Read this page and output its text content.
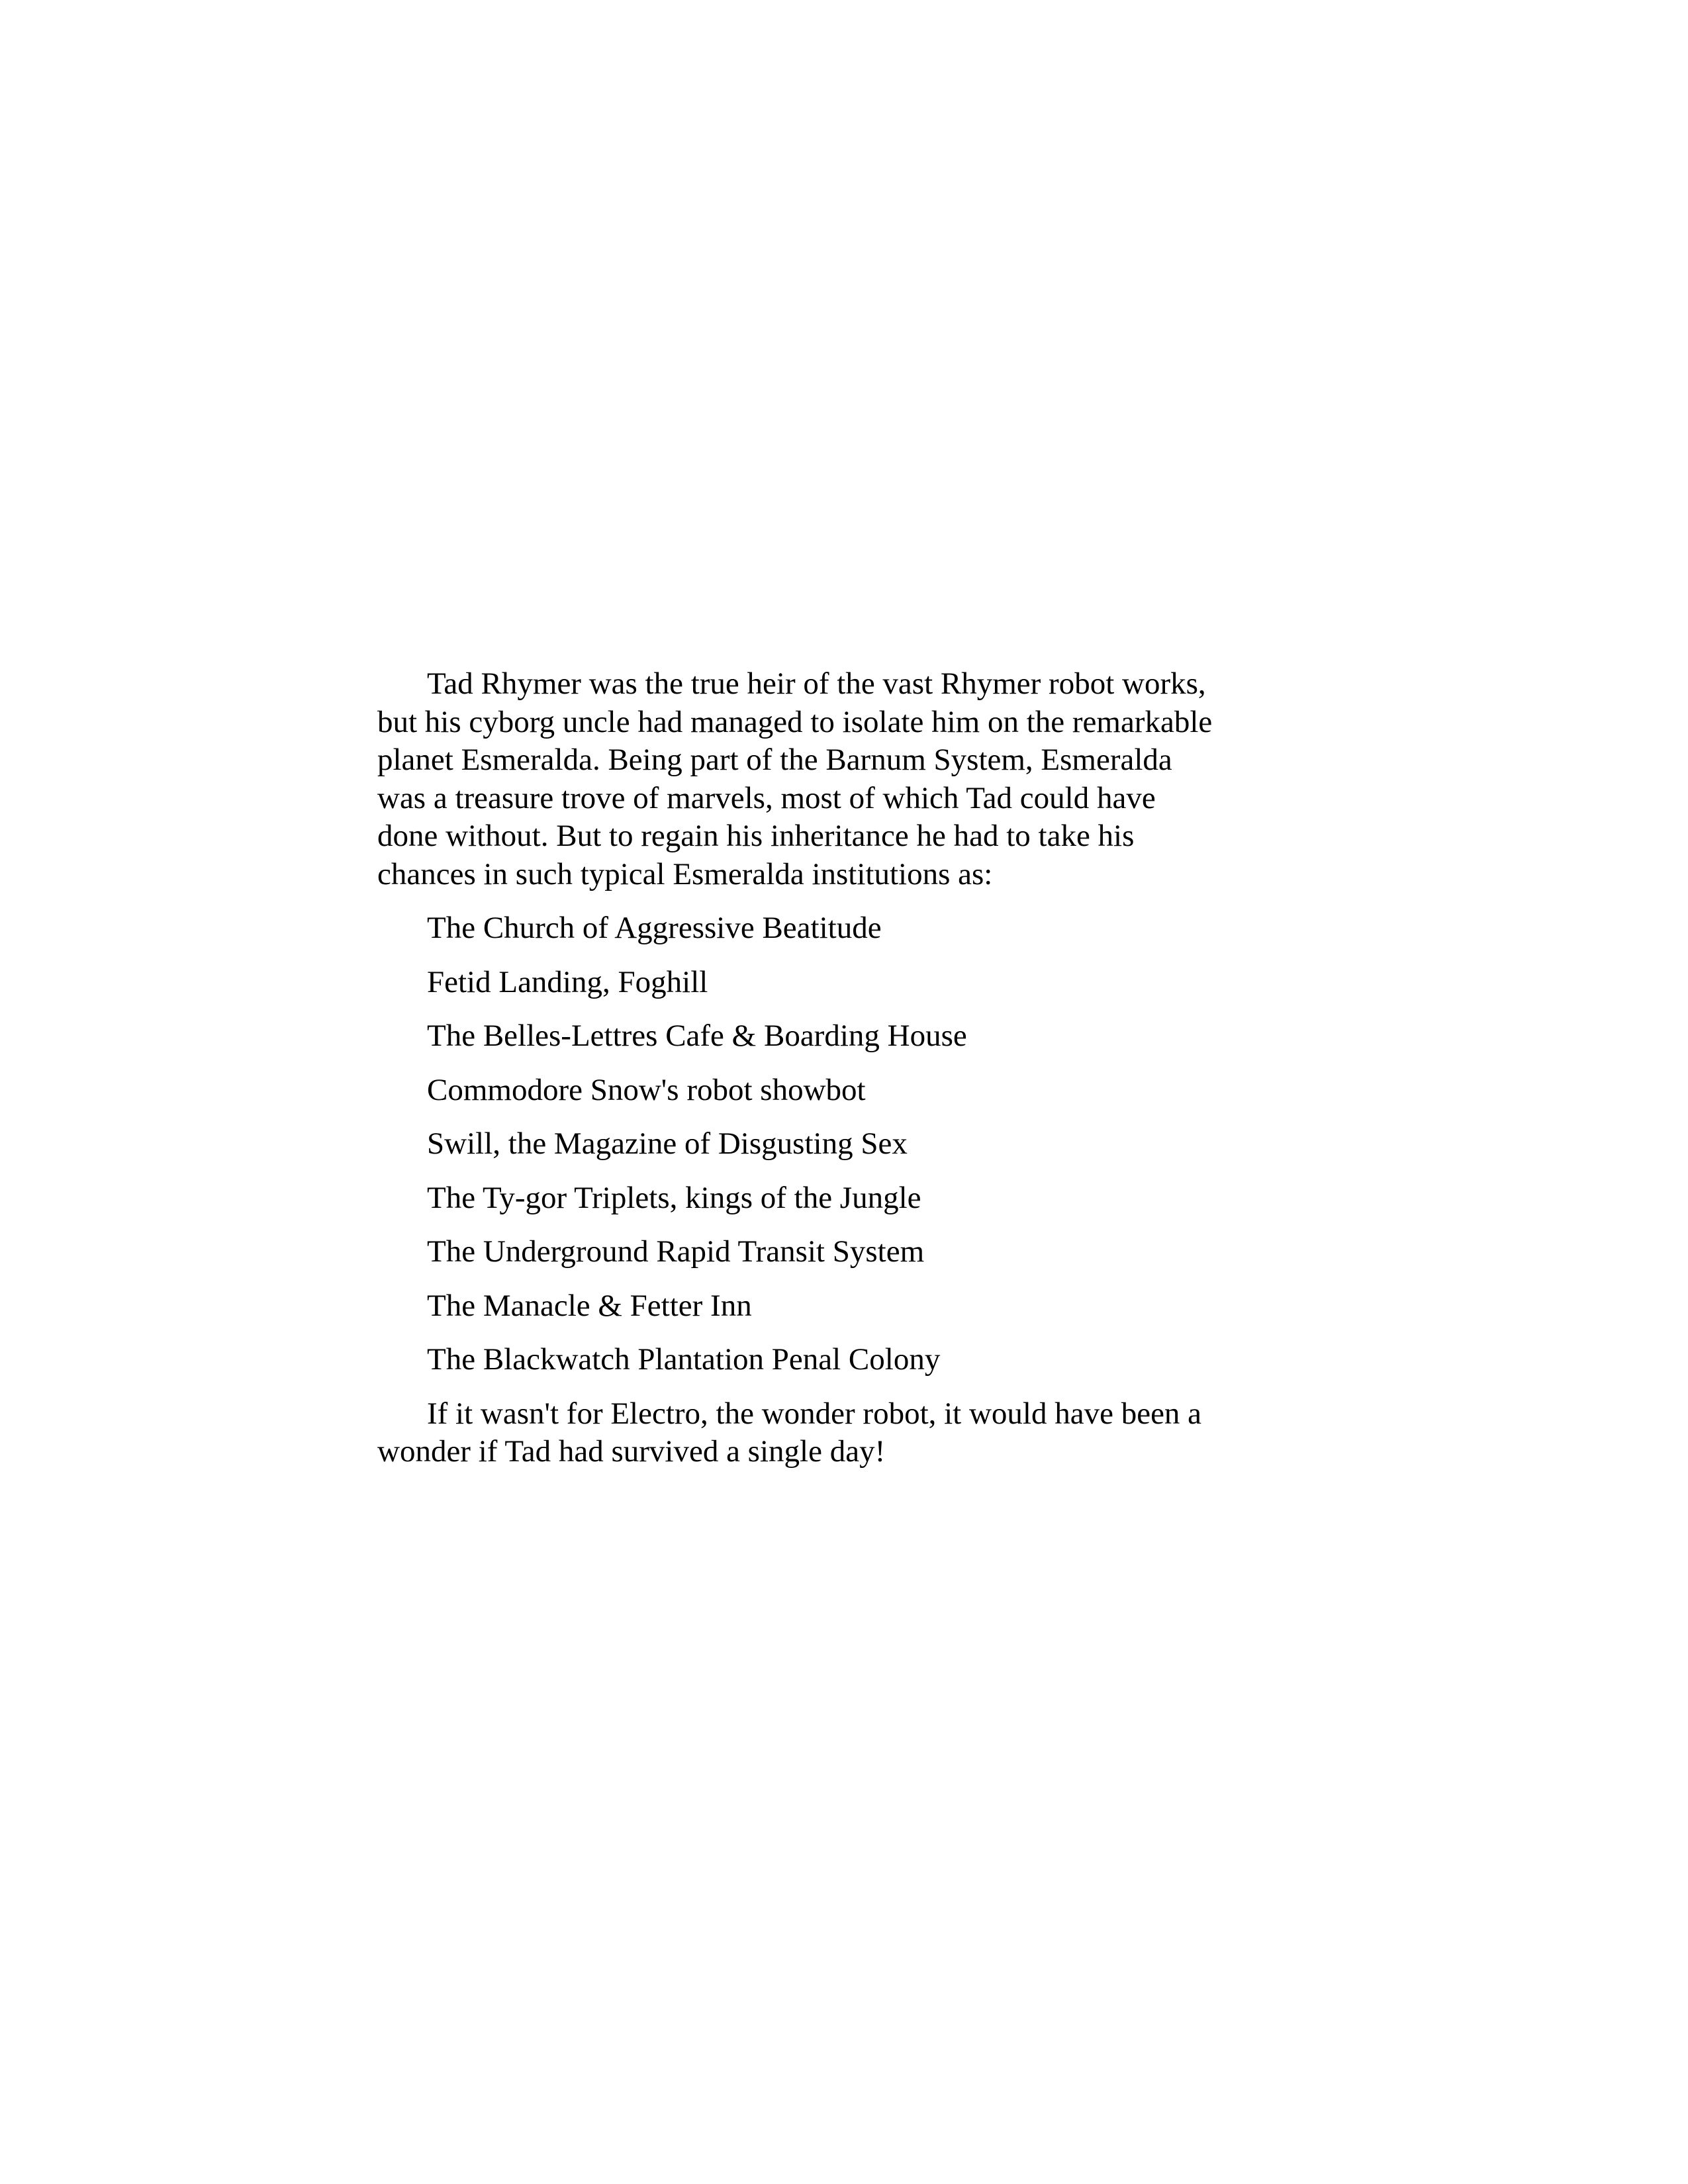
Tad Rhymer was the true heir of the vast Rhymer robot works,
but his cyborg uncle had managed to isolate him on the remarkable
planet Esmeralda. Being part of the Barnum System, Esmeralda
was a treasure trove of marvels, most of which Tad could have
done without. But to regain his inheritance he had to take his
chances in such typical Esmeralda institutions as:

The Church of Aggressive Beatitude
Fetid Landing, Foghill
The Belles-Lettres Cafe & Boarding House
Commodore Snow's robot showbot
Swill, the Magazine of Disgusting Sex
The Ty-gor Triplets, kings of the Jungle
The Underground Rapid Transit System
The Manacle & Fetter Inn
The Blackwatch Plantation Penal Colony

If it wasn't for Electro, the wonder robot, it would have been a
wonder if Tad had survived a single day!
